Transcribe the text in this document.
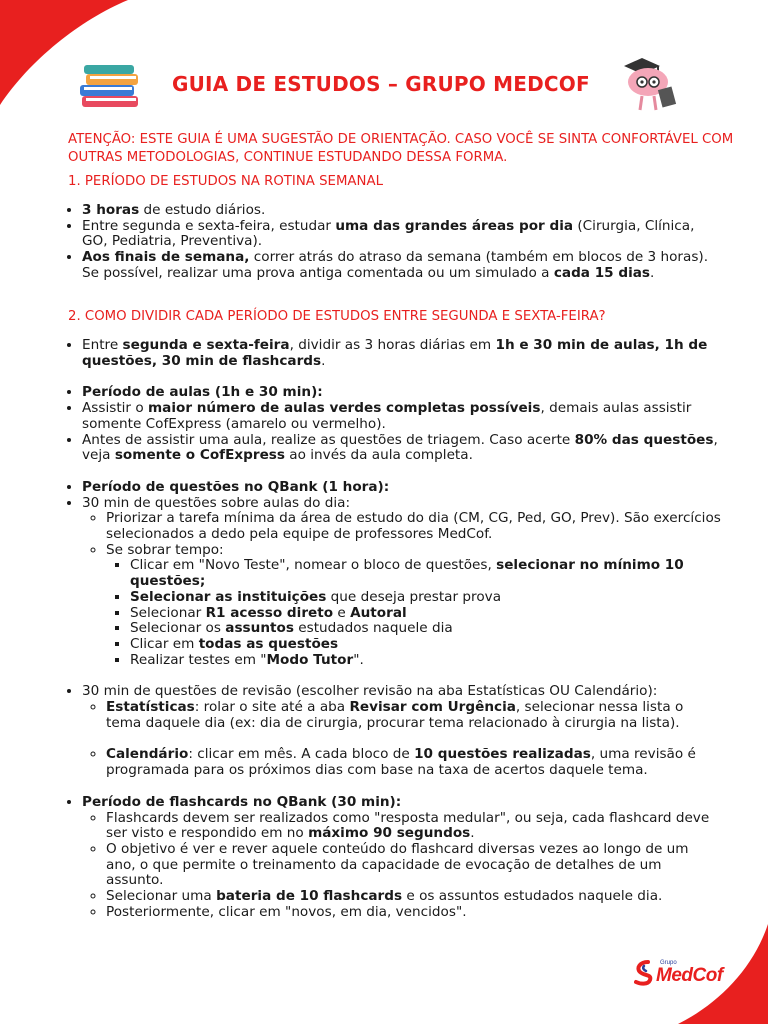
GUIA DE ESTUDOS – GRUPO MEDCOF
ATENÇÃO: ESTE GUIA É UMA SUGESTÃO DE ORIENTAÇÃO. CASO VOCÊ SE SINTA CONFORTÁVEL COM OUTRAS METODOLOGIAS, CONTINUE ESTUDANDO DESSA FORMA.
1. PERÍODO DE ESTUDOS NA ROTINA SEMANAL
• 3 horas de estudo diários.
• Entre segunda e sexta-feira, estudar uma das grandes áreas por dia (Cirurgia, Clínica, GO, Pediatria, Preventiva).
• Aos finais de semana, correr atrás do atraso da semana (também em blocos de 3 horas). Se possível, realizar uma prova antiga comentada ou um simulado a cada 15 dias.
2. COMO DIVIDIR CADA PERÍODO DE ESTUDOS ENTRE SEGUNDA E SEXTA-FEIRA?
• Entre segunda e sexta-feira, dividir as 3 horas diárias em 1h e 30 min de aulas, 1h de questões, 30 min de flashcards.
• Período de aulas (1h e 30 min):
• Assistir o maior número de aulas verdes completas possíveis, demais aulas assistir somente CofExpress (amarelo ou vermelho).
• Antes de assistir uma aula, realize as questões de triagem. Caso acerte 80% das questões, veja somente o CofExpress ao invés da aula completa.
• Período de questões no QBank (1 hora):
• 30 min de questões sobre aulas do dia:
◦ Priorizar a tarefa mínima da área de estudo do dia (CM, CG, Ped, GO, Prev). São exercícios selecionados a dedo pela equipe de professores MedCof.
◦ Se sobrar tempo:
▪ Clicar em "Novo Teste", nomear o bloco de questões, selecionar no mínimo 10 questões;
▪ Selecionar as instituições que deseja prestar prova
▪ Selecionar R1 acesso direto e Autoral
▪ Selecionar os assuntos estudados naquele dia
▪ Clicar em todas as questões
▪ Realizar testes em "Modo Tutor".
• 30 min de questões de revisão (escolher revisão na aba Estatísticas OU Calendário):
◦ Estatísticas: rolar o site até a aba Revisar com Urgência, selecionar nessa lista o tema daquele dia (ex: dia de cirurgia, procurar tema relacionado à cirurgia na lista).
◦ Calendário: clicar em mês. A cada bloco de 10 questões realizadas, uma revisão é programada para os próximos dias com base na taxa de acertos daquele tema.
• Período de flashcards no QBank (30 min):
◦ Flashcards devem ser realizados como "resposta medular", ou seja, cada flashcard deve ser visto e respondido em no máximo 90 segundos.
◦ O objetivo é ver e rever aquele conteúdo do flashcard diversas vezes ao longo de um ano, o que permite o treinamento da capacidade de evocação de detalhes de um assunto.
◦ Selecionar uma bateria de 10 flashcards e os assuntos estudados naquele dia.
◦ Posteriormente, clicar em "novos, em dia, vencidos".
Grupo
MedCof
